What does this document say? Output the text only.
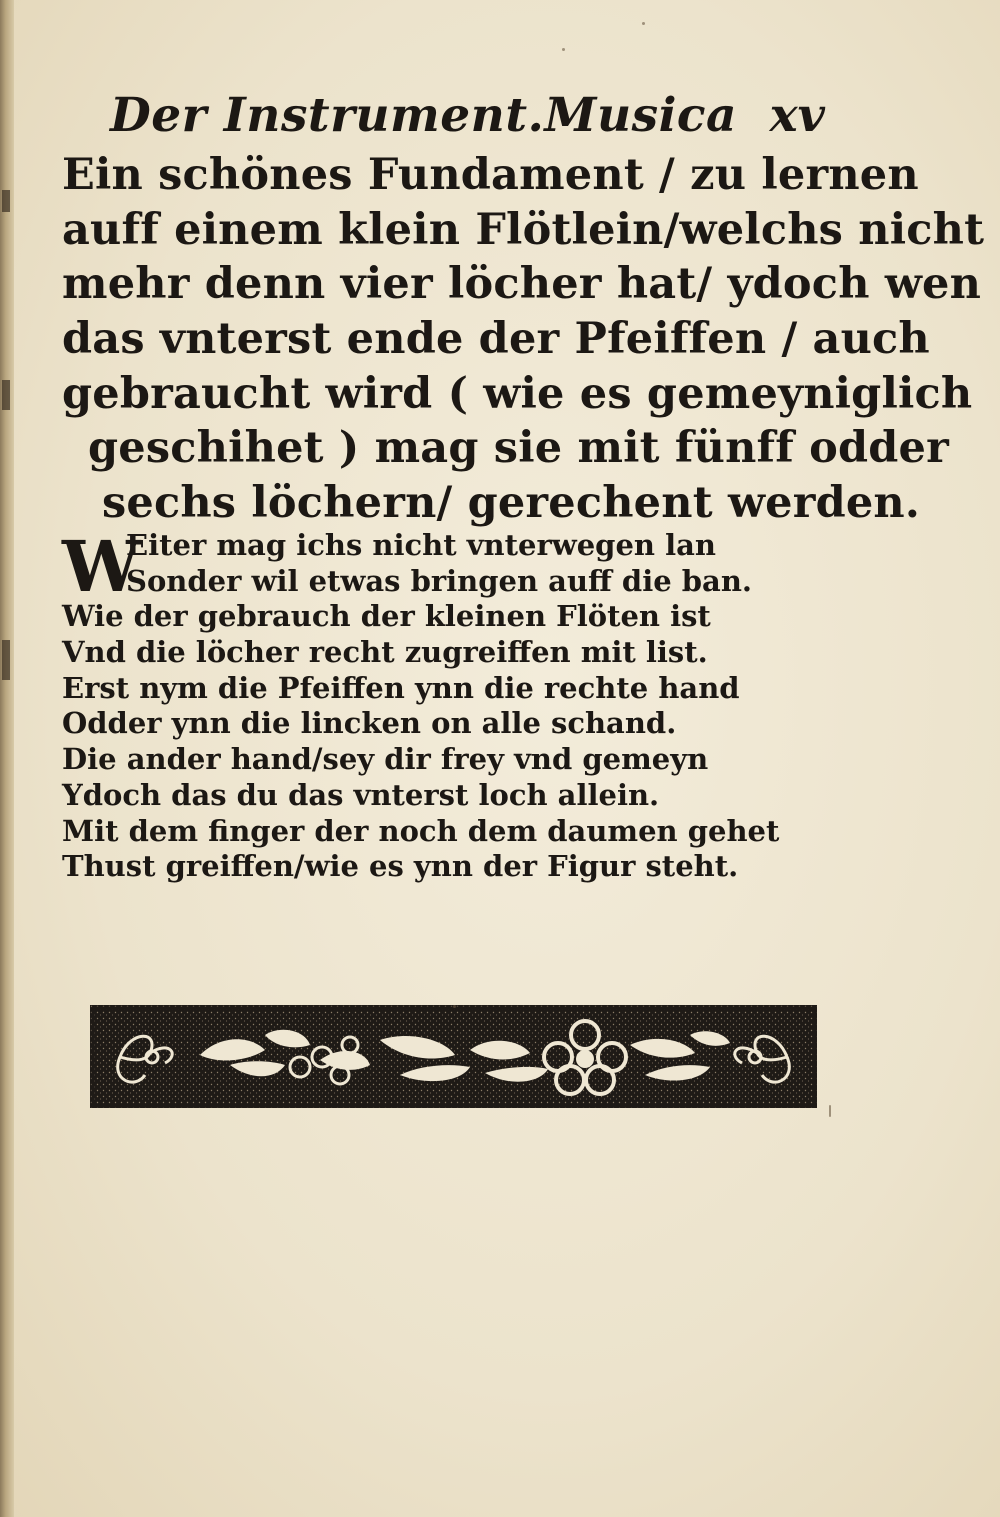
Der Instrument.Musica xv
Ein schönes Fundament / zu lernen
auff einem klein Flötlein/welchs nicht
mehr denn vier löcher hat/ ydoch wen
das vnterst ende der Pfeiffen / auch
gebraucht wird ( wie es gemeyniglich
geschihet ) mag sie mit fünff odder
sechs löchern/ gerechent werden.
W
Eiter mag ichs nicht vnterwegen lan
Sonder wil etwas bringen auff die ban.
Wie der gebrauch der kleinen Flöten ist
Vnd die löcher recht zugreiffen mit list.
Erst nym die Pfeiffen ynn die rechte hand
Odder ynn die lincken on alle schand.
Die ander hand/sey dir frey vnd gemeyn
Ydoch das du das vnterst loch allein.
Mit dem finger der noch dem daumen gehet
Thust greiffen/wie es ynn der Figur steht.
